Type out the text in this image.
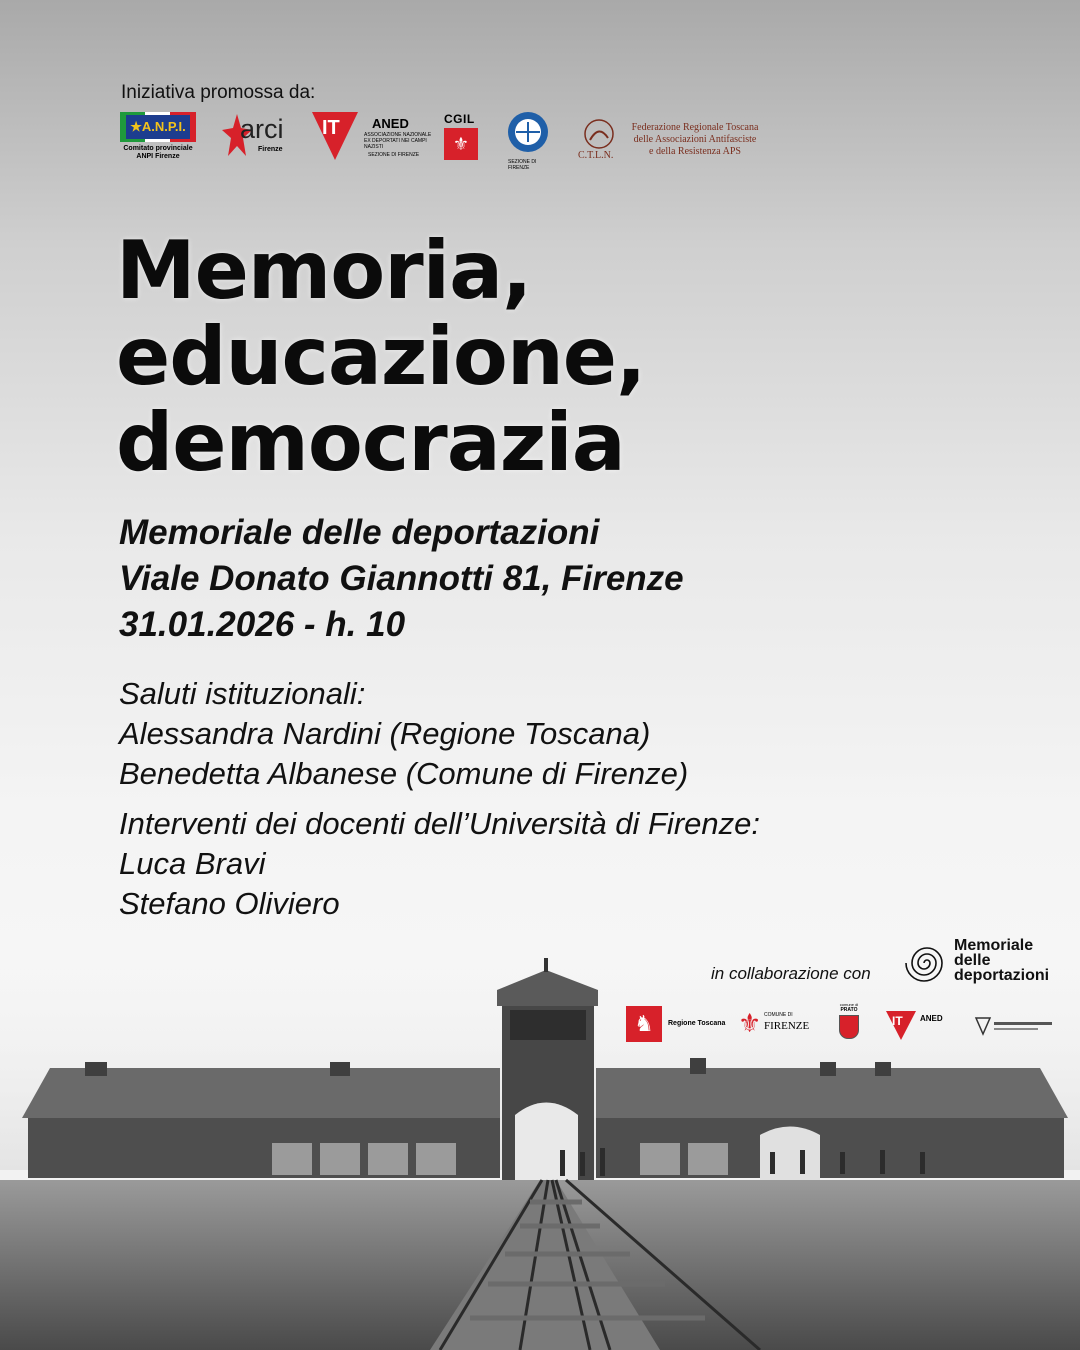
Iniziativa promossa da:
★A.N.P.I.
Comitato provinciale ANPI Firenze
arci
Firenze
IT ANED
ASSOCIAZIONE NAZIONALE EX DEPORTATI NEI CAMPI NAZISTI
SEZIONE DI FIRENZE
CGIL
⚜
SEZIONE DI FIRENZE
C.T.L.N.
Federazione Regionale Toscana
delle Associazioni Antifasciste
e della Resistenza APS
Memoria,
educazione,
democrazia
Memoriale delle deportazioni
Viale Donato Giannotti 81, Firenze
31.01.2026 - h. 10
Saluti istituzionali:
Alessandra Nardini (Regione Toscana)
Benedetta Albanese (Comune di Firenze)
Interventi dei docenti dell’Università di Firenze:
Luca Bravi
Stefano Oliviero
in collaborazione con
Memoriale
delle
deportazioni
♞	Regione Toscana ⚜ COMUNE DI
FIRENZE
comune di
PRATO
IT ANED
